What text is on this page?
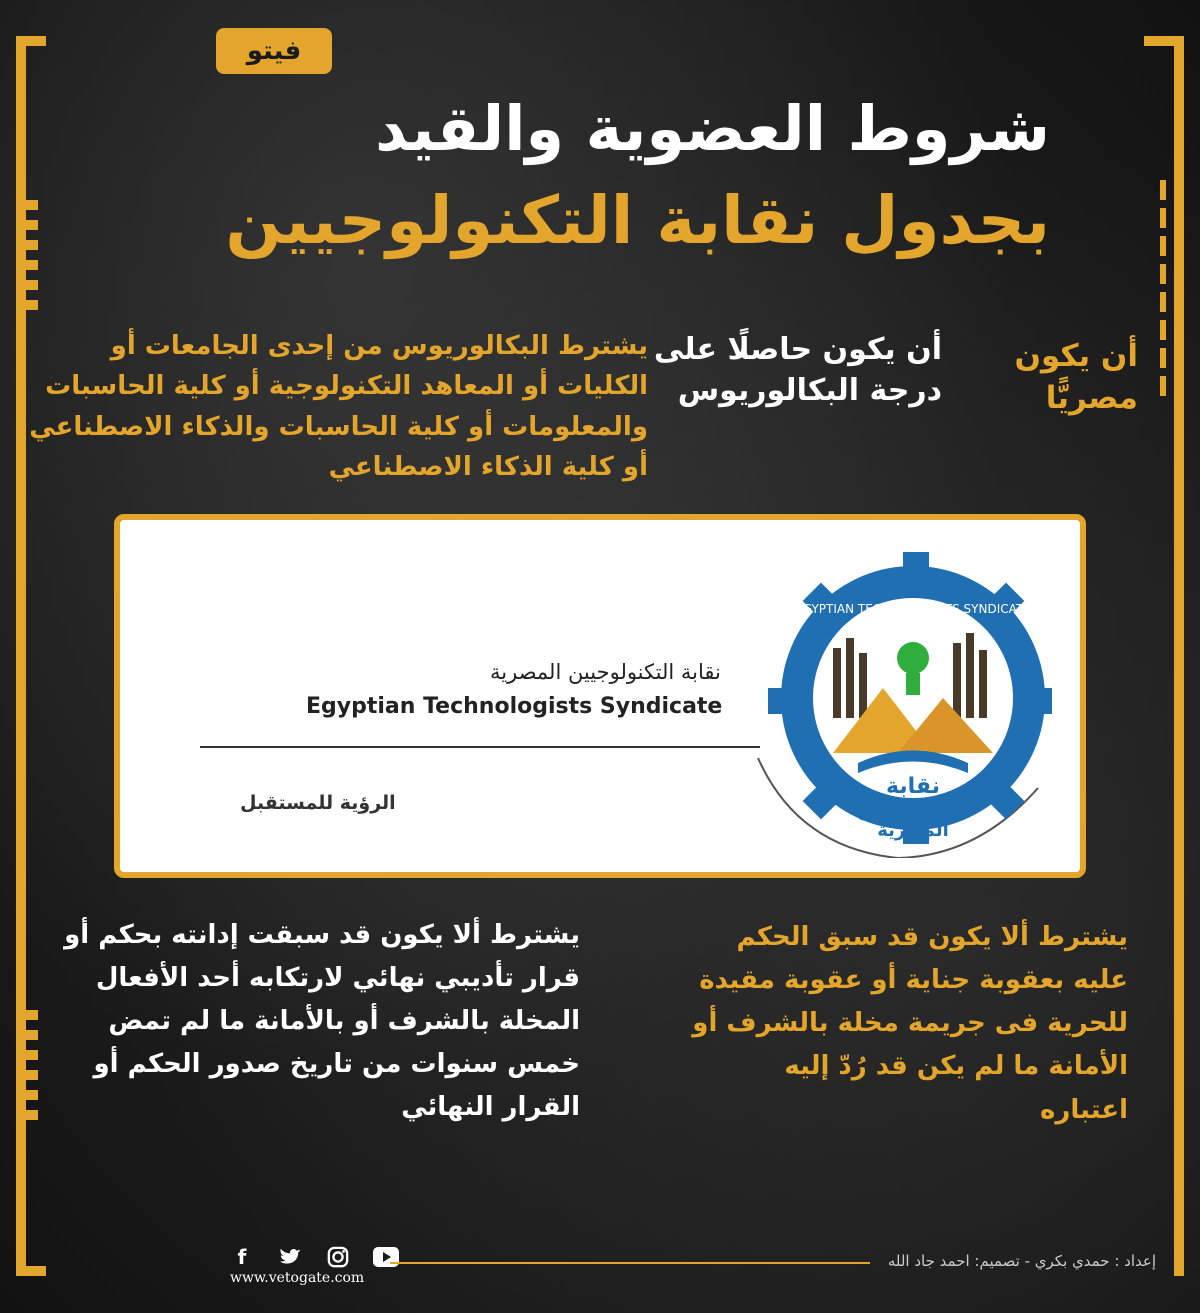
فيتو
شروط العضوية والقيد
بجدول نقابة التكنولوجيين
أن يكون مصريًّا
أن يكون حاصلًا على درجة البكالوريوس
يشترط البكالوريوس من إحدى الجامعات أو الكليات أو المعاهد التكنولوجية أو كلية الحاسبات والمعلومات أو كلية الحاسبات والذكاء الاصطناعي أو كلية الذكاء الاصطناعي
نقابة التكنولوجيين المصرية
Egyptian Technologists Syndicate
الرؤية للمستقبل
EGYPTIAN TECHNOLOGISTS SYNDICATE
نقابة
التكنولوجيين
المصرية
يشترط ألا يكون قد سبق الحكم عليه بعقوبة جناية أو عقوبة مقيدة للحرية فى جريمة مخلة بالشرف أو الأمانة ما لم يكن قد رُدّ إليه اعتباره
يشترط ألا يكون قد سبقت إدانته بحكم أو قرار تأديبي نهائي لارتكابه أحد الأفعال المخلة بالشرف أو بالأمانة ما لم تمض خمس سنوات من تاريخ صدور الحكم أو القرار النهائي
f
www.vetogate.com
إعداد : حمدي بكري - تصميم: احمد جاد الله
